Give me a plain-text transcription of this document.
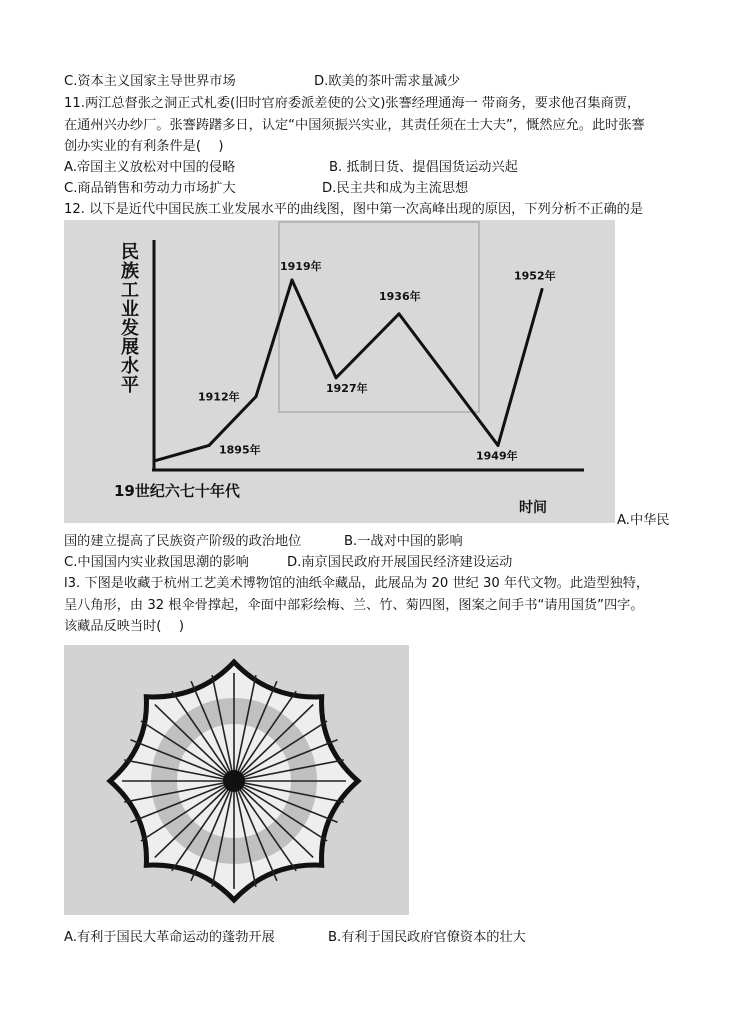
C.资本主义国家主导世界市场	D.欧美的茶叶需求量减少
11.两江总督张之洞正式札委(旧时官府委派差使的公文)张謇经理通海一 带商务，要求他召集商贾，
在通州兴办纱厂。张謇踌躇多日，认定“中国须振兴实业，其责任须在士大夫”，慨然应允。此时张謇
创办实业的有利条件是(　 )
A.帝国主义放松对中国的侵略	B. 抵制日货、提倡国货运动兴起
C.商品销售和劳动力市场扩大	D.民主共和成为主流思想
12. 以下是近代中国民族工业发展水平的曲线图，图中第一次高峰出现的原因，下列分析不正确的是
民
族
工
业
发
展
水
平
19世纪六七十年代
时间
1895年
1912年
1919年
1927年
1936年
1949年
1952年
A.中华民
国的建立提高了民族资产阶级的政治地位	B.一战对中国的影响
C.中国国内实业救国思潮的影响	D.南京国民政府开展国民经济建设运动
l3. 下图是收藏于杭州工艺美术博物馆的油纸伞藏品，此展品为 20 世纪 30 年代文物。此造型独特，
呈八角形，由 32 根伞骨撑起，伞面中部彩绘梅、兰、竹、菊四图，图案之间手书“请用国货”四字。
该藏品反映当时(　 )
A.有利于国民大革命运动的蓬勃开展	B.有利于国民政府官僚资本的壮大
